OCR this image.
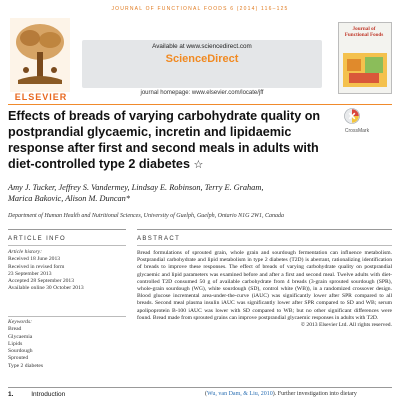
JOURNAL OF FUNCTIONAL FOODS 6 (2014) 116–125
ELSEVIER
Available at www.sciencedirect.com
ScienceDirect
journal homepage: www.elsevier.com/locate/jff
Journal of Functional Foods
Effects of breads of varying carbohydrate quality on postprandial glycaemic, incretin and lipidaemic response after first and second meals in adults with diet-controlled type 2 diabetes ☆
CrossMark
Amy J. Tucker, Jeffrey S. Vandermey, Lindsay E. Robinson, Terry E. Graham,
Marica Bakovic, Alison M. Duncan*
Department of Human Health and Nutritional Sciences, University of Guelph, Guelph, Ontario N1G 2W1, Canada
ARTICLE INFO	ABSTRACT
Article history:
Received 18 June 2013
Received in revised form
23 September 2013
Accepted 28 September 2013
Available online 30 October 2013
Keywords:
Bread
Glycaemia
Lipids
Sourdough
Sprouted
Type 2 diabetes

Bread formulations of sprouted grain, whole grain and sourdough fermentation can influence metabolism. Postprandial carbohydrate and lipid metabolism in type 2 diabetes (T2D) is aberrant, rationalizing identification of breads to improve these responses. The effect of breads of varying carbohydrate quality on postprandial glycaemic and lipid parameters was examined before and after a first and second meal. Twelve adults with diet-controlled T2D consumed 50 g of available carbohydrate from 4 breads (3-grain sprouted sourdough (SPR), whole-grain sourdough (WG), white sourdough (SD), control white (WB)), in a randomized crossover design. Blood glucose incremental area-under-the-curve (iAUC) was significantly lower after SPR compared to all breads. Second meal plasma insulin iAUC was significantly lower after SPR compared to SD and WB; serum apolipoprotein B-100 iAUC was lower with SD compared to WB; but no other significant differences were found. Bread made from sprouted grains can improve postprandial glycaemic responses in adults with T2D.

© 2013 Elsevier Ltd. All rights reserved.

1.	Introduction	(Wu, van Dam, & Liu, 2010). Further investigation into dietary
